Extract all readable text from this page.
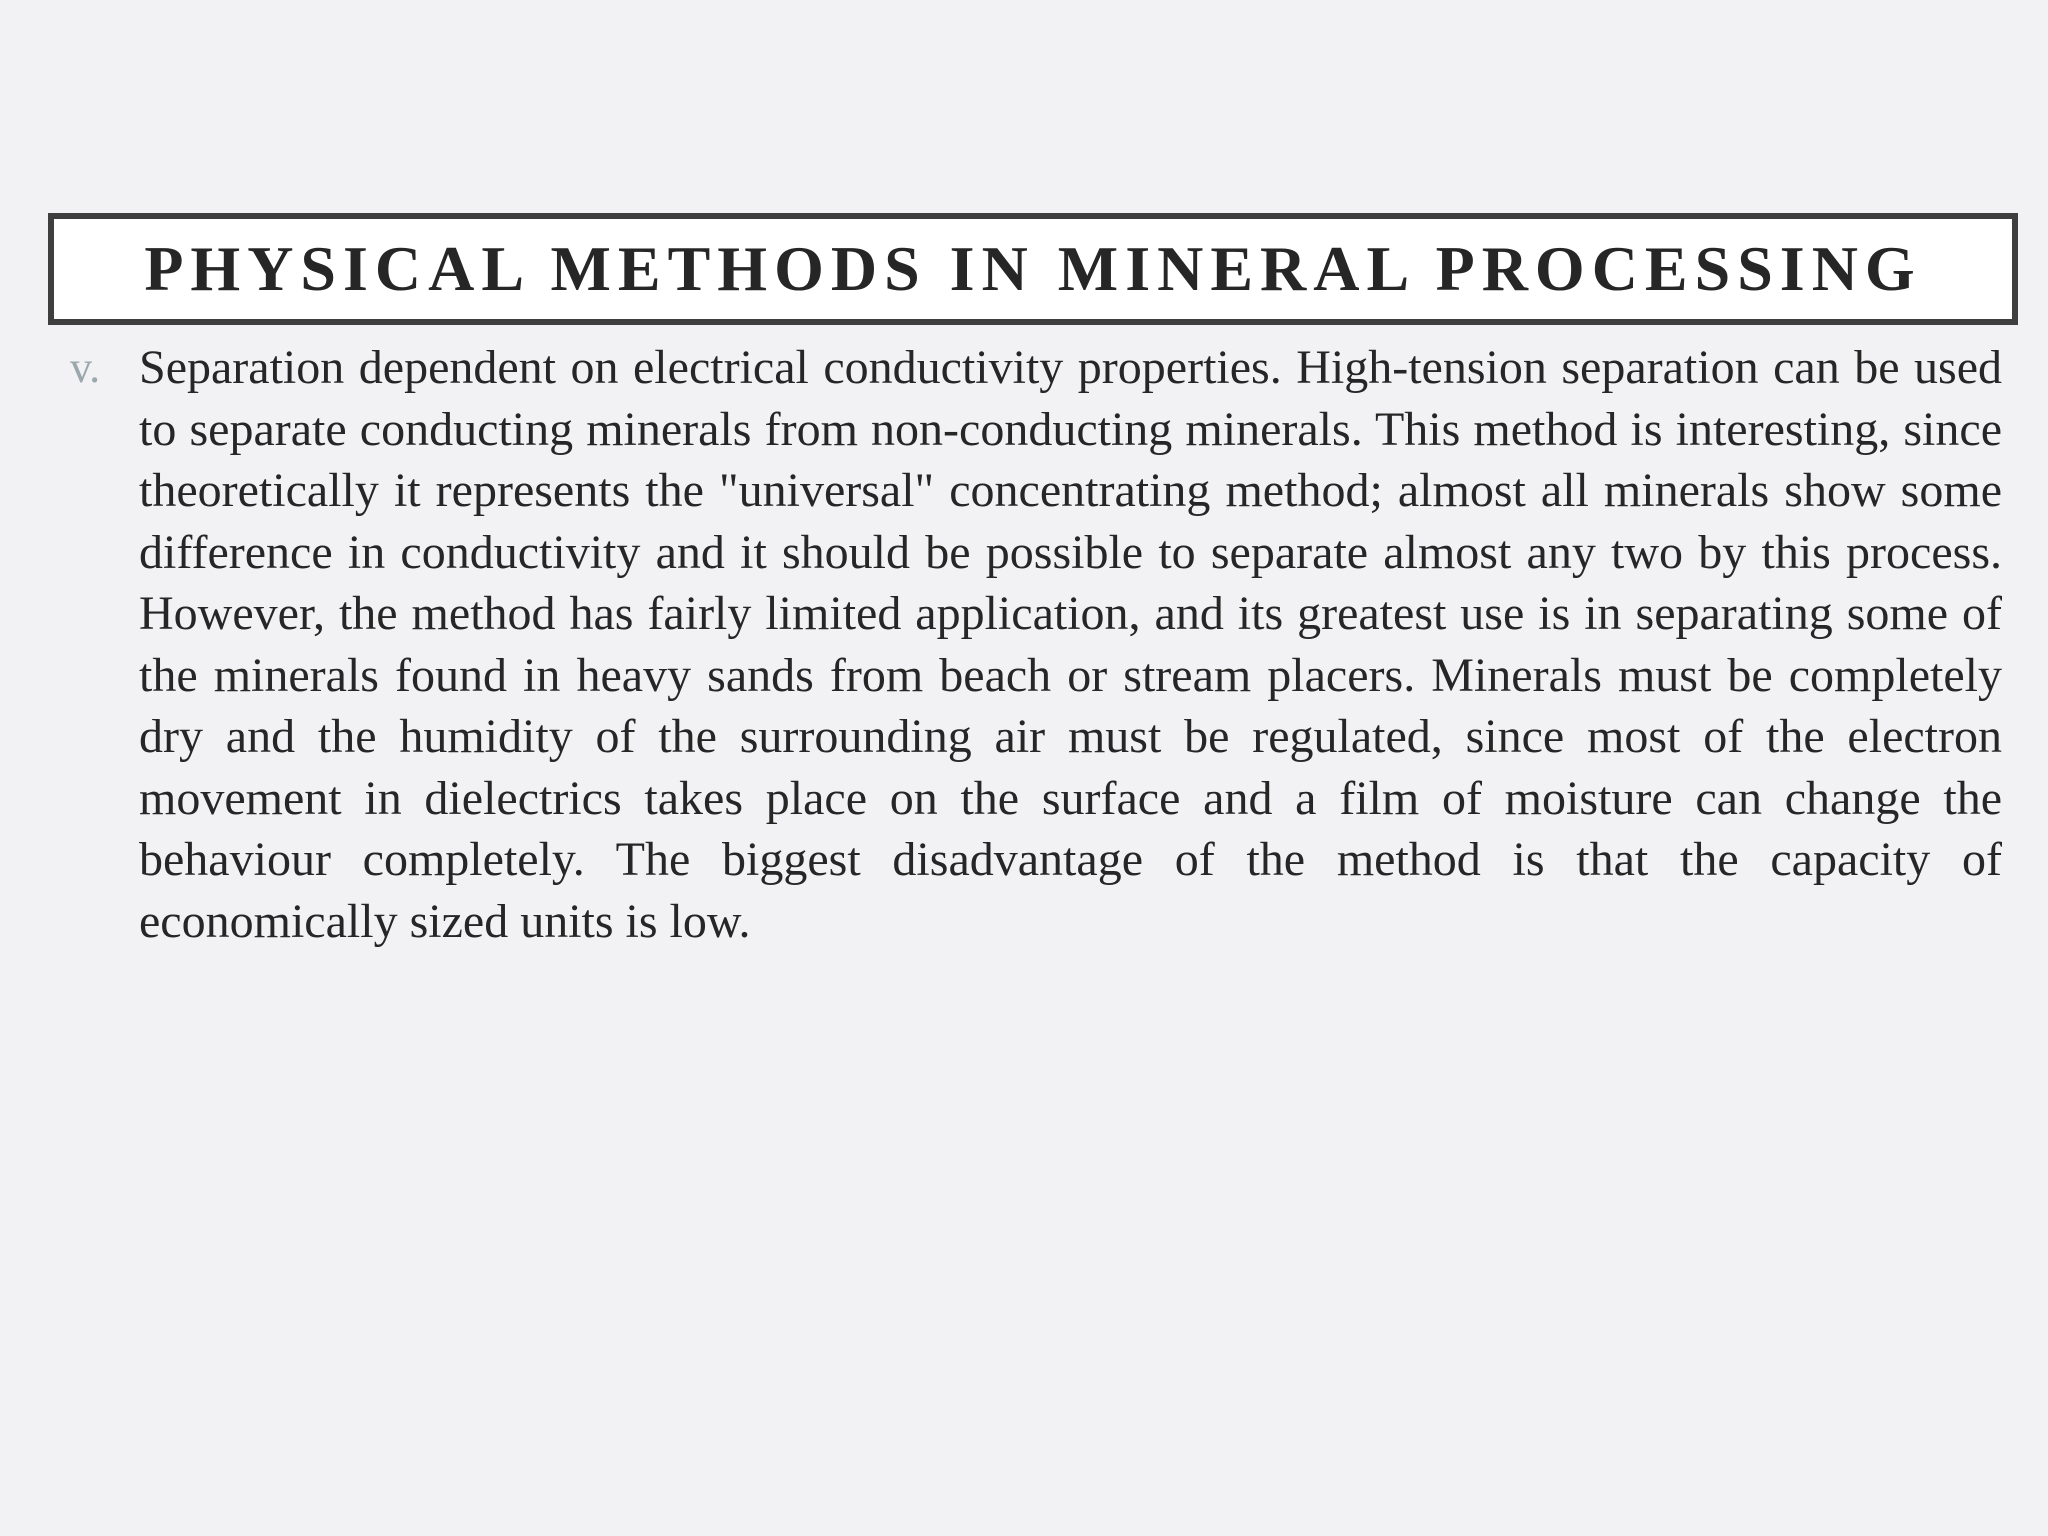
PHYSICAL METHODS IN MINERAL PROCESSING
v. Separation dependent on electrical conductivity properties. High-tension separation can be used to separate conducting minerals from non-conducting minerals. This method is interesting, since theoretically it represents the "universal" concentrating method; almost all minerals show some difference in conductivity and it should be possible to separate almost any two by this process. However, the method has fairly limited application, and its greatest use is in separating some of the minerals found in heavy sands from beach or stream placers. Minerals must be completely dry and the humidity of the surrounding air must be regulated, since most of the electron movement in dielectrics takes place on the surface and a film of moisture can change the behaviour completely. The biggest disadvantage of the method is that the capacity of economically sized units is low.
